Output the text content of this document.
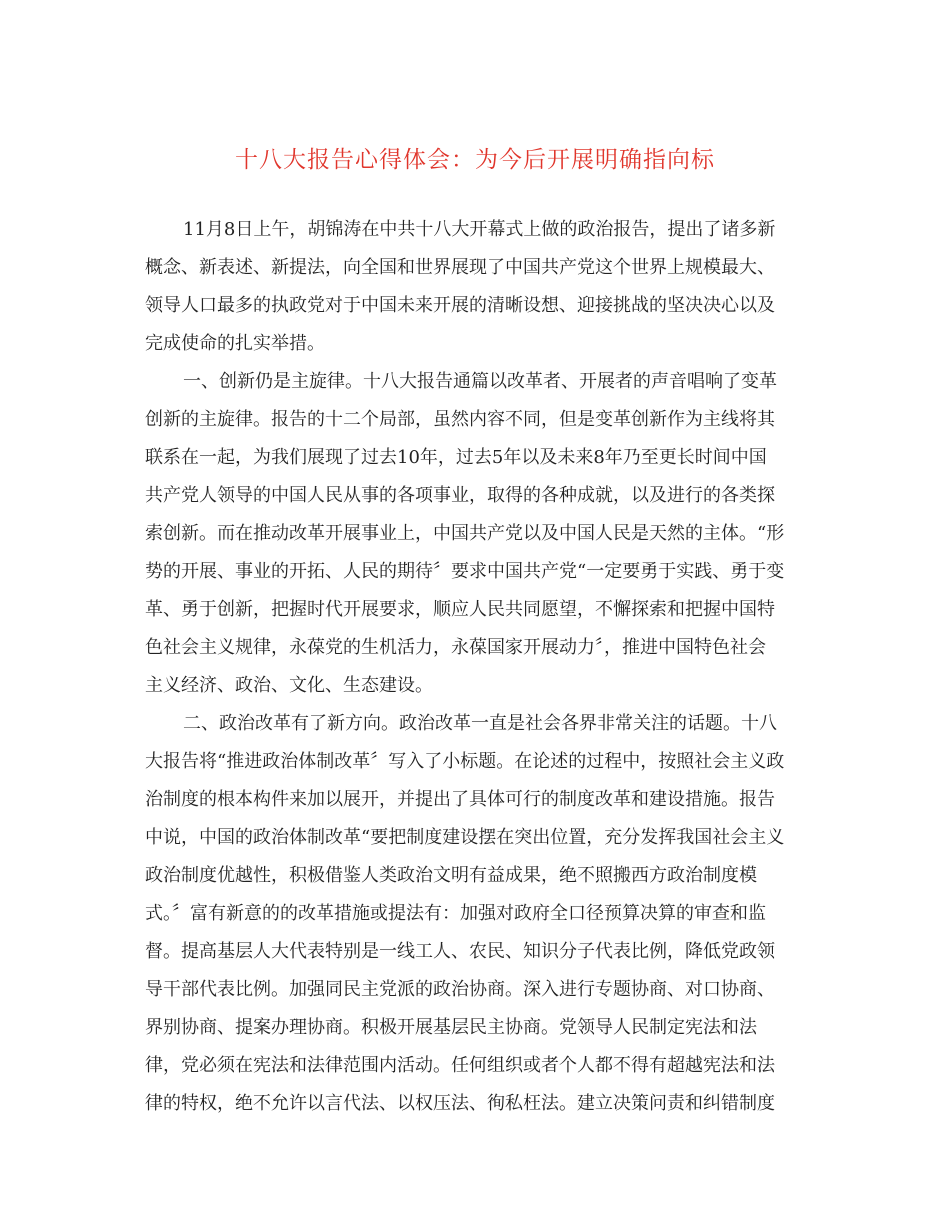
十八大报告心得体会：为今后开展明确指向标

11月8日上午，胡锦涛在中共十八大开幕式上做的政治报告，提出了诸多新

概念、新表述、新提法，向全国和世界展现了中国共产党这个世界上规模最大、

领导人口最多的执政党对于中国未来开展的清晰设想、迎接挑战的坚决决心以及

完成使命的扎实举措。

一、创新仍是主旋律。十八大报告通篇以改革者、开展者的声音唱响了变革

创新的主旋律。报告的十二个局部，虽然内容不同，但是变革创新作为主线将其

联系在一起，为我们展现了过去10年，过去5年以及未来8年乃至更长时间中国

共产党人领导的中国人民从事的各项事业，取得的各种成就，以及进行的各类探

索创新。而在推动改革开展事业上，中国共产党以及中国人民是天然的主体。“形

势的开展、事业的开拓、人民的期待〞要求中国共产党“一定要勇于实践、勇于变

革、勇于创新，把握时代开展要求，顺应人民共同愿望，不懈探索和把握中国特

色社会主义规律，永葆党的生机活力，永葆国家开展动力〞，推进中国特色社会

主义经济、政治、文化、生态建设。

二、政治改革有了新方向。政治改革一直是社会各界非常关注的话题。十八

大报告将“推进政治体制改革〞写入了小标题。在论述的过程中，按照社会主义政

治制度的根本构件来加以展开，并提出了具体可行的制度改革和建设措施。报告

中说，中国的政治体制改革“要把制度建设摆在突出位置，充分发挥我国社会主义

政治制度优越性，积极借鉴人类政治文明有益成果，绝不照搬西方政治制度模

式。〞富有新意的的改革措施或提法有：加强对政府全口径预算决算的审查和监

督。提高基层人大代表特别是一线工人、农民、知识分子代表比例，降低党政领

导干部代表比例。加强同民主党派的政治协商。深入进行专题协商、对口协商、

界别协商、提案办理协商。积极开展基层民主协商。党领导人民制定宪法和法

律，党必须在宪法和法律范围内活动。任何组织或者个人都不得有超越宪法和法

律的特权，绝不允许以言代法、以权压法、徇私枉法。建立决策问责和纠错制度
